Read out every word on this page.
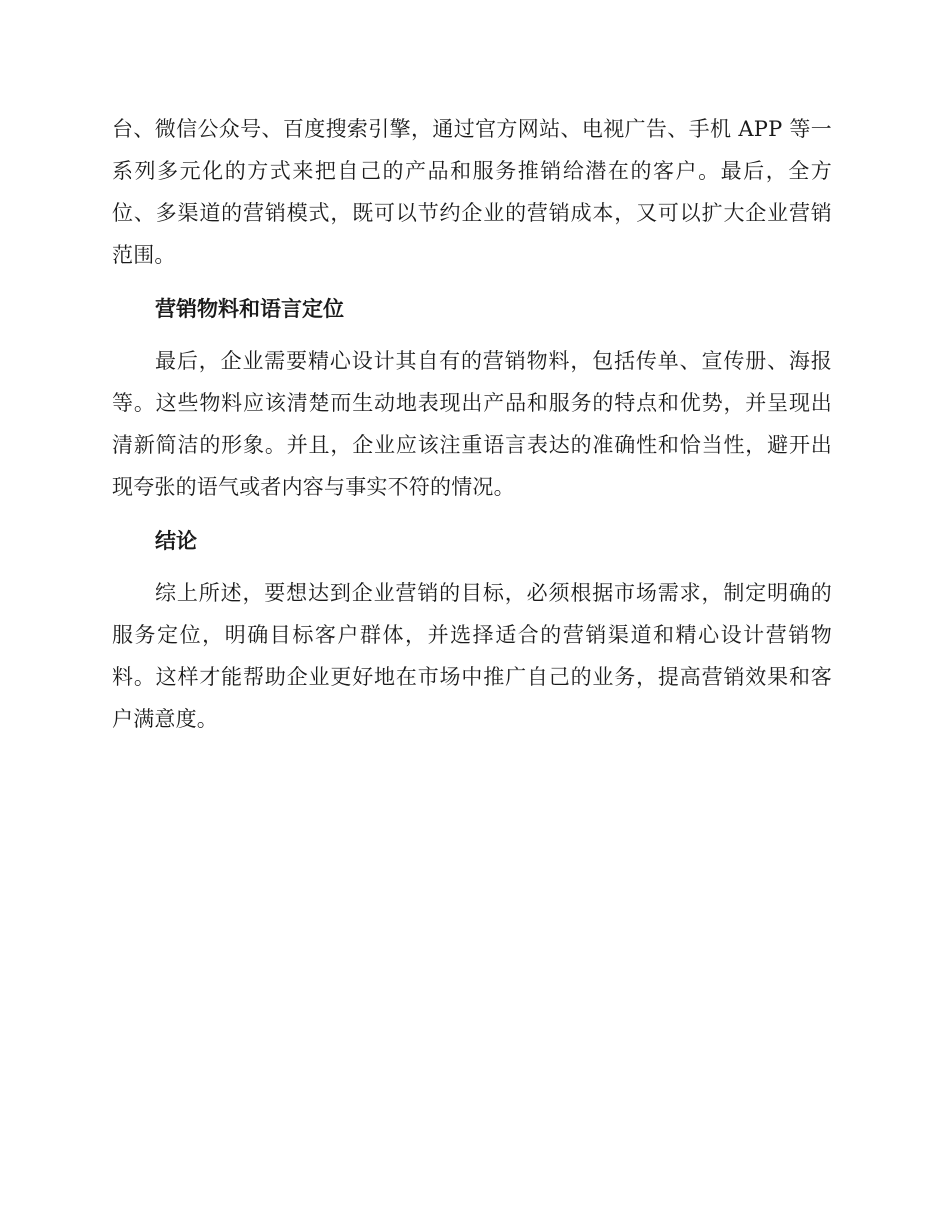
台、微信公众号、百度搜索引擎，通过官方网站、电视广告、手机 APP 等一系列多元化的方式来把自己的产品和服务推销给潜在的客户。最后，全方位、多渠道的营销模式，既可以节约企业的营销成本，又可以扩大企业营销范围。

营销物料和语言定位

最后，企业需要精心设计其自有的营销物料，包括传单、宣传册、海报等。这些物料应该清楚而生动地表现出产品和服务的特点和优势，并呈现出清新简洁的形象。并且，企业应该注重语言表达的准确性和恰当性，避开出现夸张的语气或者内容与事实不符的情况。

结论

综上所述，要想达到企业营销的目标，必须根据市场需求，制定明确的服务定位，明确目标客户群体，并选择适合的营销渠道和精心设计营销物料。这样才能帮助企业更好地在市场中推广自己的业务，提高营销效果和客户满意度。
